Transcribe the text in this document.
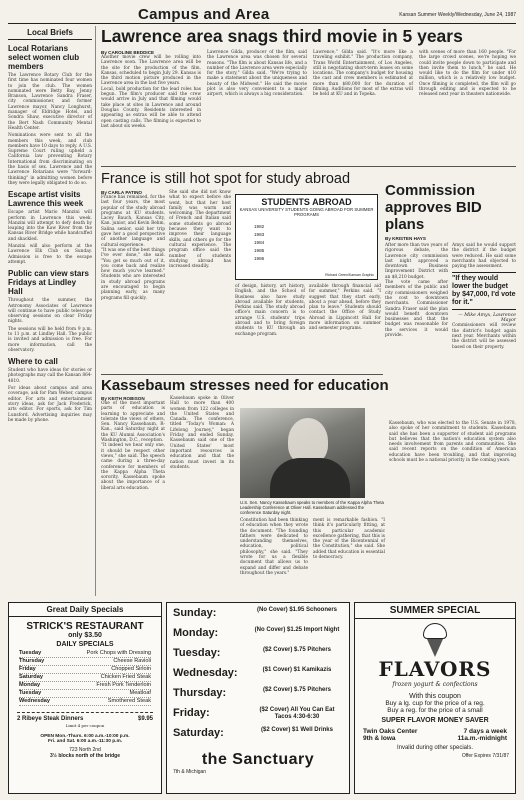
Campus and Area	Kansan Summer Weekly/Wednesday, June 24, 1987
Local Briefs
Local Rotarians select women club members
The Lawrence Rotary Club for the first time has nominated four women to join the club. The women nominated were Betty Bay, Jenny Branson, Lawrence Sandra Fraser, city commissioner, and former Lawrence mayor, Nancy Longhurst, manager of Eldridge Hotel, and Sondra Shaw, executive director of the Bert Nash Community Mental Health Center.
Nominations were sent to all the members this week, and club members have 10 days to reply. A U.S. Supreme Court ruling upheld a California law preventing Rotary International from discriminating on the basis of sex. Lawrence and the Lawrence Rotarians were "forward-thinking" in admitting women before they were legally obligated to do so.
Escape artist visits Lawrence this week
Escape artist Mario Manzini will perform in Lawrence this week. Manzini will attempt to defy death by leaping into the Kaw River from the Kansas River Bridge while handcuffed and shackled.
Manzini will also perform at the Lawrence Elk Club on Sunday. Admission is free to the escape attempt.
Public can view stars Fridays at Lindley Hall
Throughout the summer, the Astronomy Associates of Lawrence will continue to have public telescope observing sessions on clear Friday nights.
The sessions will be held from 9 p.m. to 11 p.m. at Lindley Hall. The public is invited and admission is free. For more information, call the observatory.
Where to call
Student who have ideas for stories or photographs may call the Kansan 864-4810.
For ideas about campus and area coverage, ask for Pam Weber, campus editor. For arts and entertainment story ideas, ask for Jack Frederick, arts editor. For sports, ask for Tim Lunsford. Advertising inquiries may be made by phone.
Lawrence area snags third movie in 5 years
By CAROLINE BEDDICE
Another movie crew will be rolling into Lawrence soon. The Lawrence area will be the site for the production of the film, Kansas, scheduled to begin July 29. Kansas is the third motion picture produced in the Lawrence area in the last five years.
Local, bold production for the lead roles has begun. The film's producer said the crew would arrive in July and that filming would take place at sites in Lawrence and around Douglas County. Residents interested in appearing as extras will be able to attend open casting calls. The filming is expected to last about six weeks.
Lawrence Gilda, producer of the film, said the Lawrence area was chosen for several reasons. "The film is about Kansas life, and a number of the Lawrence area were especially for the story," Gilda said. "We're trying to make a statement about the uniqueness and beauty of the Midwest." He said the movie plot is also very convenient to a major airport, which is always a big consideration.
Lawrence," Gilda said. "It's more like a traveling exhibit." The production company, Trans World Entertainment, of Los Angeles, still is negotiating short-term leases on some locations. The company's budget for housing the cast and crew members is estimated at more than $80,000 for the duration of filming. Auditions for most of the extras will be held at KU and in Topeka.
with scenes of more than 160 people. "For the large crowd scenes, we're hoping we could invite people down to participate and then invite them to lunch," he said. He would like to do the film for under $10 million, which is a relatively low budget. Once filming is completed, the film will go through editing and is expected to be released next year in theaters nationwide.
France is still hot spot for study abroad
By CARLA PATINO
France has remained, for the last four years, the most popular of the study abroad programs at KU students. Lacey Bauch, Kansas City, Kan. junior, and Kevin Behm, Salina senior, said her trip gave her a good perspective of another language and cultural experience.
"It was one of the best things I've ever done," she said. "You get so much out of it, you come back and realize how much you've learned." Students who are interested in study abroad programs are encouraged to begin planning early, as many programs fill quickly.
She said she did not know what to expect before she went, but that her host family was warm and welcoming. The department of French and Italian said some students go abroad because they want to improve their language skills, and others go for the cultural experience. The program office said the number of students studying abroad has increased steadily.
of design, history, art history, English, and the School of Business also have study abroad available for students, Perkins said. The study abroad office's main concern is to arrange U.S. students' trips abroad and to bring foreign students to KU through an exchange program.
available through financial aid for summer," Perkins said. "I suggest that they start early, about a year ahead, before they plan to leave." Students should contact the Office of Study Abroad in Lippincott Hall for more information on summer and semester programs.
STUDENTS ABROAD
KANSAS UNIVERSITY STUDENTS GOING ABROAD FOR SUMMER PROGRAMS
1982
1983
1984
1985
1986
Richard Green/Kansan Graphic
Commission approves BID plans
By KRISTEN HAYS
After more than two years of rigorous debate, the Lawrence city commission last night approved a downtown Business Improvement District with an $8,210 budget.
The vote came after members of the public and city commissioners weighed the cost to downtown merchants. Commissioner Sandra Fraser said the plan would benefit downtown businesses and that the budget was reasonable for the services it would provide.
Amyx said he would support the district if the budget were reduced. He said some merchants had objected to paying the assessment.
"If they would lower the budget by $47,000, I'd vote for it."
— Mike Amyx, Lawrence Mayor
Commissioners will review the district's budget again next year. Merchants within the district will be assessed based on their property.
Kassebaum stresses need for education
By KEITH ROBISON
One of the most important parts of education is learning to appreciate and tolerate the views of others, Sen. Nancy Kassebaum, R-Kan., said Saturday night at the KU Alumni Association's Washington, D.C., reception.
"It indeed we hear only one, it should be respect other views," she said. The speech came during a three-day conference for members of the Kappa Alpha Theta sorority. Kassebaum spoke about the importance of a liberal arts education.
Kassebaum spoke in Oliver Hall to more than 400 women from 122 colleges in the United States and Canada. The conference, titled "Today's Woman: A Lifelong Journey," began Friday and ended Sunday. Kassebaum said one of the United States' most important resources is education and that the nation must invest in its students.
U.S. Sen. Nancy Kassebaum speaks to members of the Kappa Alpha Theta Leadership Conference at Oliver Hall. Kassebaum addressed the conference Saturday night.
Constitution had been thinking of education when they wrote the document. "The founding fathers were dedicated to understanding themselves, education, political philosophy," she said. "They wrote for us a flexible document that allows us to expand and differ and debate throughout the years."
ment is remarkable fashion. "I think it's particularly fitting, at this particular academic excellence gathering, that this is the year of the Bicentennial of the Constitution," she said. She added that education is essential to democracy.
Kassebaum, who was elected to the U.S. Senate in 1978, also spoke of her commitment to students. Kassebaum said she has been a supporter of student aid programs but believes that the nation's education system also needs involvement from parents and communities. She said recent reports on the condition of American education have been troubling, and that improving schools must be a national priority in the coming years.
Great Daily Specials
STRICK'S RESTAURANT
only $3.50
DAILY SPECIALS
Tuesday	Pork Chops with Dressing
Thursday	Cheese Ravioli
Friday	Chopped Sirloin
Saturday	Chicken Fried Steak
Monday	Fresh Pork Tenderloin
Tuesday	Meatloaf
Wednesday	Smothered Steak
2 Ribeye Steak Dinners	$9.95
Limit 4 per coupon
OPEN Mon.-Thurs. 6:00 a.m.-10:00 p.m.
Fri. and Sat. 6:00 a.m.-11:30 p.m.
723 North 2nd
3½ blocks north of the bridge
Sunday:	(No Cover) $1.95 Schooners
Monday:	(No Cover) $1.25 Import Night
Tuesday:	($2 Cover) $.75 Pitchers
Wednesday:	($1 Cover) $1 Kamikazis
Thursday:	($2 Cover) $.75 Pitchers
Friday:	($2 Cover) All You Can Eat Tacos 4:30-6:30
Saturday:	($2 Cover) $1 Well Drinks
the Sanctuary
7th & Michigan
SUMMER SPECIAL
FLAVORS
frozen yogurt & confections
With this coupon
Buy a lg. cup for the price of a reg.
Buy a reg. for the price of a small
SUPER FLAVOR MONEY SAVER
Twin Oaks Center
9th & Iowa
7 days a week
11a.m.-midnight
Invalid during other specials.
Offer Expires 7/31/87
